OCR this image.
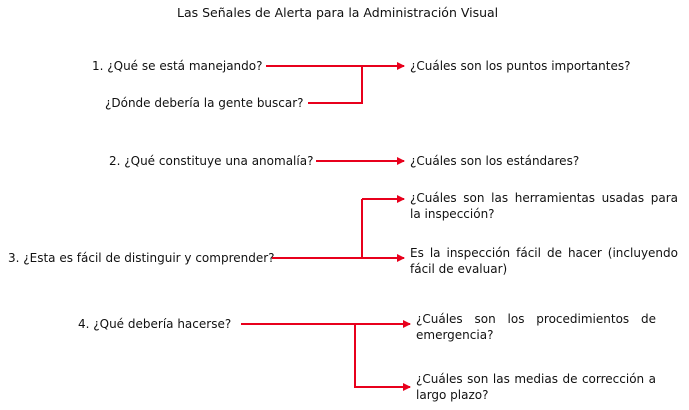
Las Señales de Alerta para la Administración Visual
1. ¿Qué se está manejando?
¿Dónde debería la gente buscar?
¿Cuáles son los puntos importantes?
2. ¿Qué constituye una anomalía?	¿Cuáles son los estándares?
3. ¿Esta es fácil de distinguir y comprender?
¿Cuáles son las herramientas usadas para la inspección?
Es la inspección fácil de hacer (incluyendo fácil de evaluar)
4. ¿Qué debería hacerse?	¿Cuáles son los procedimientos de emergencia?
¿Cuáles son las medias de corrección a largo plazo?
